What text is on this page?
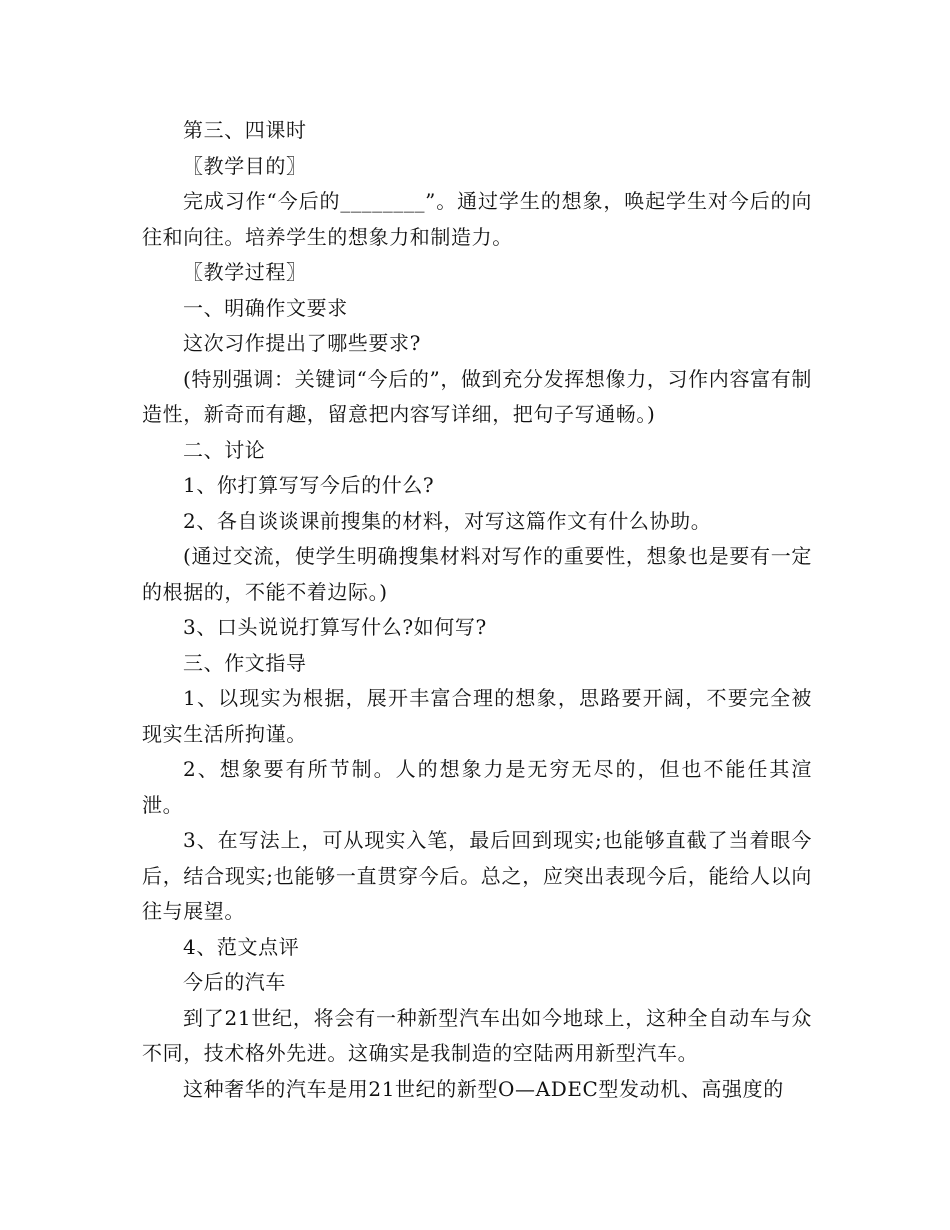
第三、四课时

〖教学目的〗

完成习作“今后的________”。通过学生的想象，唤起学生对今后的向往和向往。培养学生的想象力和制造力。

〖教学过程〗

一、明确作文要求

这次习作提出了哪些要求?

(特别强调：关键词“今后的”，做到充分发挥想像力，习作内容富有制造性，新奇而有趣，留意把内容写详细，把句子写通畅。)

二、讨论

1、你打算写写今后的什么?

2、各自谈谈课前搜集的材料，对写这篇作文有什么协助。

(通过交流，使学生明确搜集材料对写作的重要性，想象也是要有一定的根据的，不能不着边际。)

3、口头说说打算写什么?如何写?

三、作文指导

1、以现实为根据，展开丰富合理的想象，思路要开阔，不要完全被现实生活所拘谨。

2、想象要有所节制。人的想象力是无穷无尽的，但也不能任其渲泄。

3、在写法上，可从现实入笔，最后回到现实;也能够直截了当着眼今后，结合现实;也能够一直贯穿今后。总之，应突出表现今后，能给人以向往与展望。

4、范文点评

今后的汽车

到了21世纪，将会有一种新型汽车出如今地球上，这种全自动车与众不同，技术格外先进。这确实是我制造的空陆两用新型汽车。

这种奢华的汽车是用21世纪的新型O—ADEC型发动机、高强度的
